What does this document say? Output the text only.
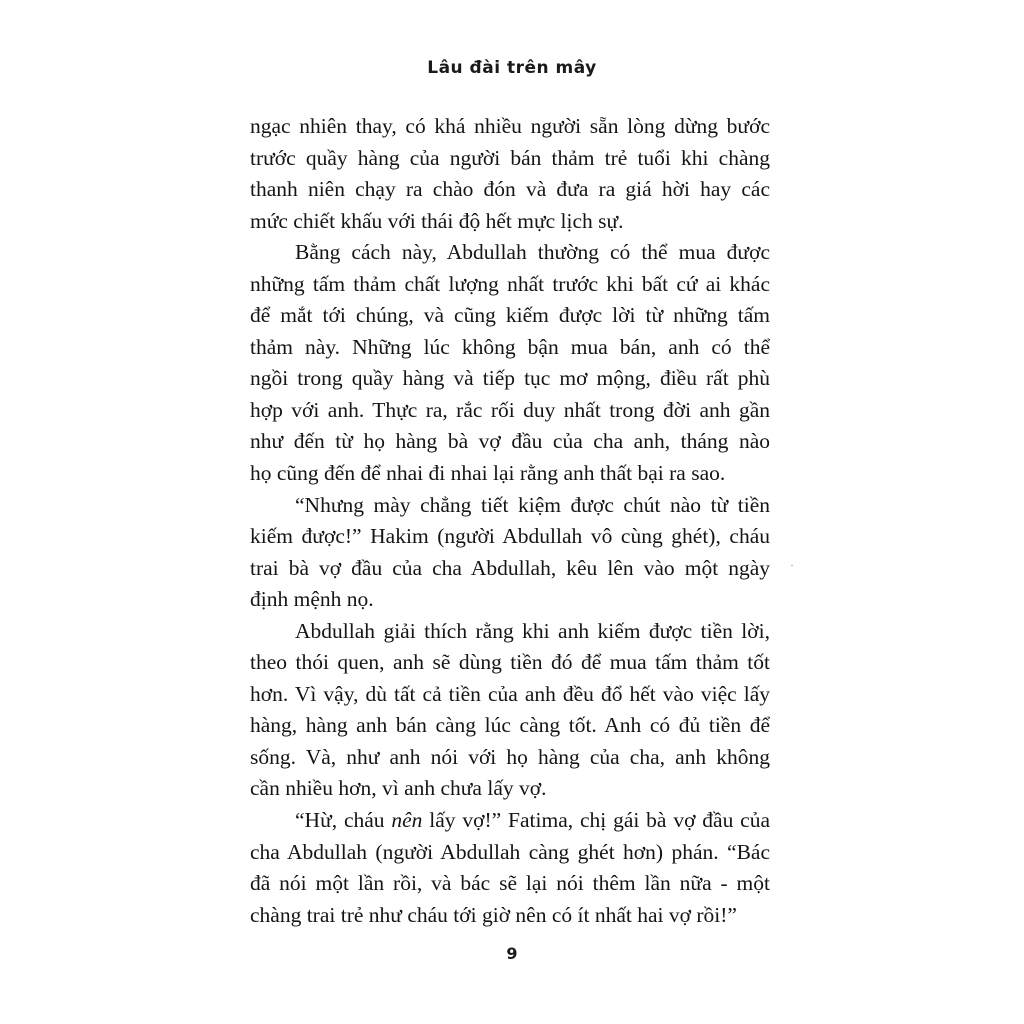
Lâu đài trên mây
ngạc nhiên thay, có khá nhiều người sẵn lòng dừng bước
trước quầy hàng của người bán thảm trẻ tuổi khi chàng
thanh niên chạy ra chào đón và đưa ra giá hời hay các
mức chiết khấu với thái độ hết mực lịch sự.
Bằng cách này, Abdullah thường có thể mua được
những tấm thảm chất lượng nhất trước khi bất cứ ai khác
để mắt tới chúng, và cũng kiếm được lời từ những tấm
thảm này. Những lúc không bận mua bán, anh có thể
ngồi trong quầy hàng và tiếp tục mơ mộng, điều rất phù
hợp với anh. Thực ra, rắc rối duy nhất trong đời anh gần
như đến từ họ hàng bà vợ đầu của cha anh, tháng nào
họ cũng đến để nhai đi nhai lại rằng anh thất bại ra sao.
“Nhưng mày chẳng tiết kiệm được chút nào từ tiền
kiếm được!” Hakim (người Abdullah vô cùng ghét), cháu
trai bà vợ đầu của cha Abdullah, kêu lên vào một ngày
định mệnh nọ.
Abdullah giải thích rằng khi anh kiếm được tiền lời,
theo thói quen, anh sẽ dùng tiền đó để mua tấm thảm tốt
hơn. Vì vậy, dù tất cả tiền của anh đều đổ hết vào việc lấy
hàng, hàng anh bán càng lúc càng tốt. Anh có đủ tiền để
sống. Và, như anh nói với họ hàng của cha, anh không
cần nhiều hơn, vì anh chưa lấy vợ.
“Hừ, cháu nên lấy vợ!” Fatima, chị gái bà vợ đầu của
cha Abdullah (người Abdullah càng ghét hơn) phán. “Bác
đã nói một lần rồi, và bác sẽ lại nói thêm lần nữa - một
chàng trai trẻ như cháu tới giờ nên có ít nhất hai vợ rồi!”
9
